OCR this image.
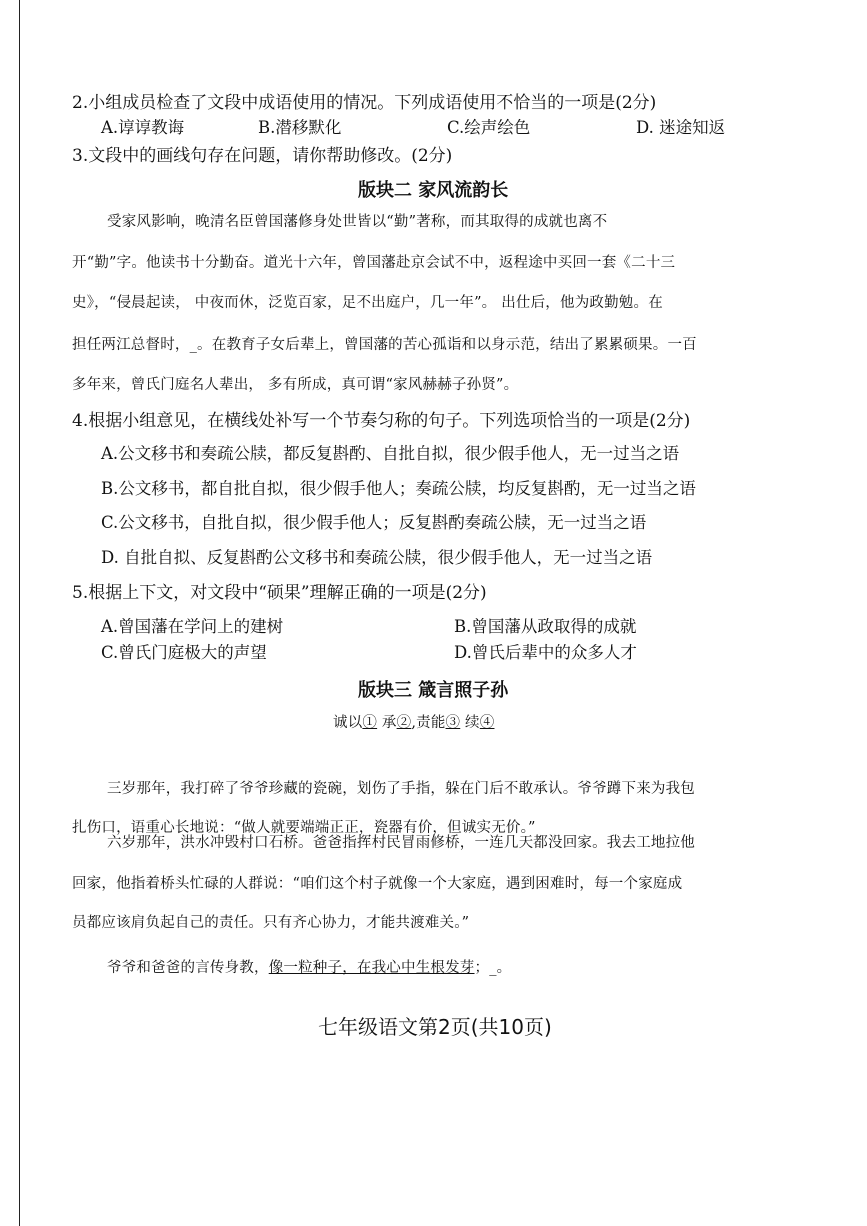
2.小组成员检查了文段中成语使用的情况。下列成语使用不恰当的一项是(2分)
A.谆谆教诲	B.潜移默化	C.绘声绘色	D. 迷途知返
3.文段中的画线句存在问题，请你帮助修改。(2分)
版块二 家风流韵长
受家风影响，晚清名臣曾国藩修身处世皆以“勤”著称，而其取得的成就也离不
开“勤”字。他读书十分勤奋。道光十六年，曾国藩赴京会试不中，返程途中买回一套《二十三
史》，“侵晨起读， 中夜而休，泛览百家，足不出庭户，几一年”。 出仕后，他为政勤勉。在
担任两江总督时，_。在教育子女后辈上，曾国藩的苦心孤诣和以身示范，结出了累累硕果。一百
多年来，曾氏门庭名人辈出， 多有所成，真可谓“家风赫赫子孙贤”。
4.根据小组意见，在横线处补写一个节奏匀称的句子。下列选项恰当的一项是(2分)
A.公文移书和奏疏公牍，都反复斟酌、自批自拟，很少假手他人，无一过当之语
B.公文移书，都自批自拟，很少假手他人；奏疏公牍，均反复斟酌，无一过当之语
C.公文移书，自批自拟，很少假手他人；反复斟酌奏疏公牍，无一过当之语
D. 自批自拟、反复斟酌公文移书和奏疏公牍，很少假手他人，无一过当之语
5.根据上下文，对文段中“硕果”理解正确的一项是(2分)
A.曾国藩在学问上的建树	B.曾国藩从政取得的成就
C.曾氏门庭极大的声望	D.曾氏后辈中的众多人才
版块三 箴言照子孙
诚以① 承②,责能③ 续④
三岁那年，我打碎了爷爷珍藏的瓷碗，划伤了手指，躲在门后不敢承认。爷爷蹲下来为我包
扎伤口，语重心长地说：“做人就要端端正正，瓷器有价，但诚实无价。”
六岁那年，洪水冲毁村口石桥。爸爸指挥村民冒雨修桥，一连几天都没回家。我去工地拉他
回家，他指着桥头忙碌的人群说：“咱们这个村子就像一个大家庭，遇到困难时，每一个家庭成
员都应该肩负起自己的责任。只有齐心协力，才能共渡难关。”
爷爷和爸爸的言传身教，像一粒种子，在我心中生根发芽；_。
七年级语文第2页(共10页)
